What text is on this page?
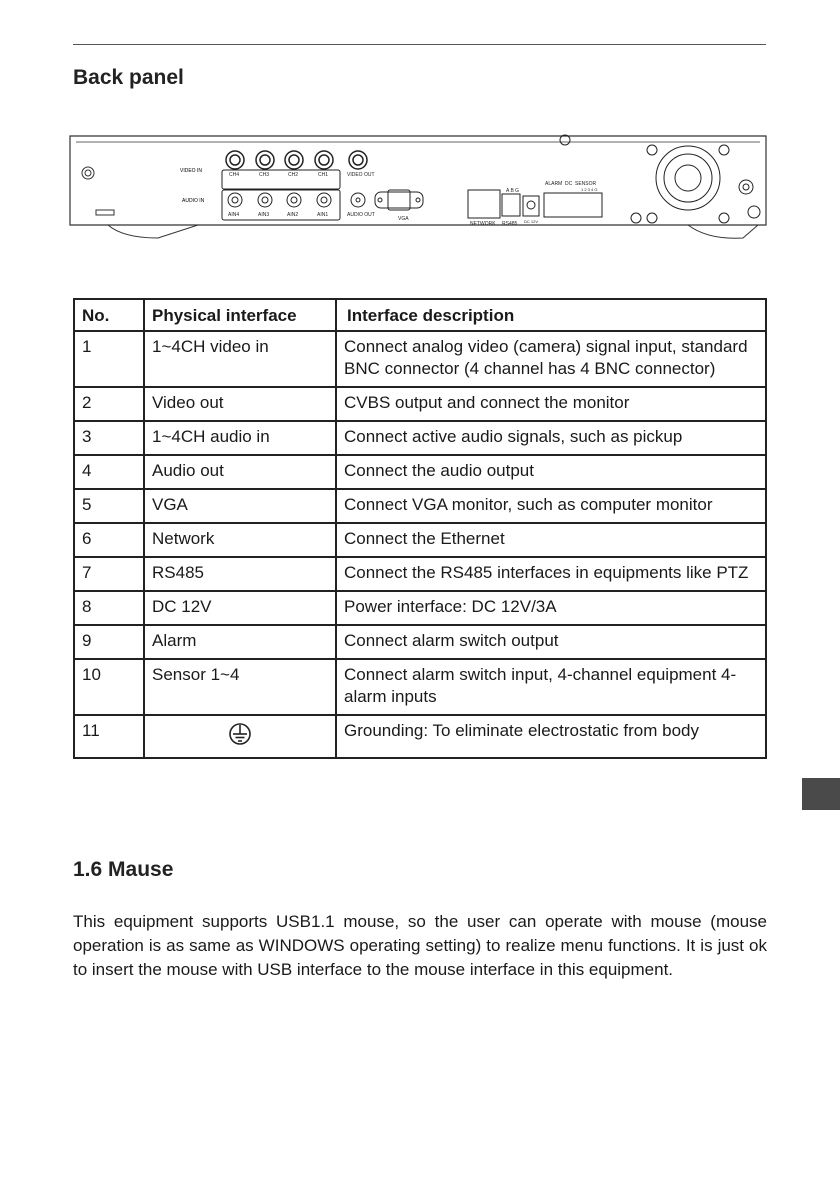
Back panel
VIDEO IN
AUDIO IN
CH4	CH3	CH2	CH1	VIDEO OUT
AIN4	AIN3	AIN2	AIN1	AUDIO OUT
VGA
NETWORK RS485
A B G
DC 12V
ALARM DC SENSOR
1 2 3 4 G
No.	Physical interface	Interface description
1	1~4CH video in	Connect analog video (camera) signal input, standard BNC connector (4 channel has 4 BNC connector)
2	Video out	CVBS output and connect the monitor
3	1~4CH audio in	Connect active audio signals, such as pickup
4	Audio out	Connect the audio output
5	VGA	Connect VGA monitor, such as computer monitor
6	Network	Connect the Ethernet
7	RS485	Connect the RS485 interfaces in equipments like PTZ
8	DC 12V	Power interface: DC 12V/3A
9	Alarm	Connect alarm switch output
10	Sensor 1~4	Connect alarm switch input, 4-channel equipment 4-alarm inputs
11		Grounding: To eliminate electrostatic from body
1.6 Mause
This equipment supports USB1.1 mouse, so the user can operate with mouse (mouse operation is as same as WINDOWS operating setting) to realize menu functions. It is just ok to insert the mouse with USB interface to the mouse interface in this equipment.
